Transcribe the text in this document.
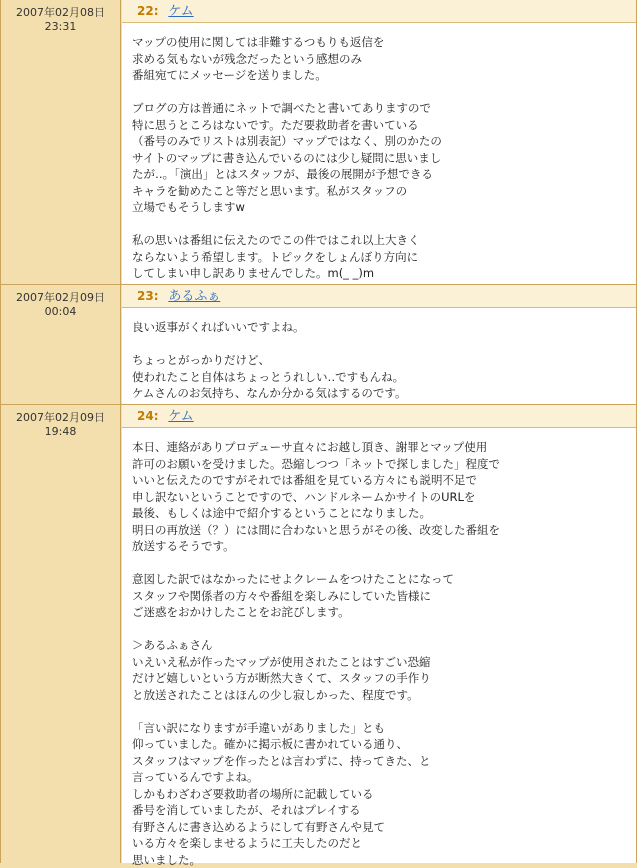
2007年02月08日
23:31
22: ケム
マップの使用に関しては非難するつもりも返信を
求める気もないが残念だったという感想のみ
番組宛てにメッセージを送りました。

ブログの方は普通にネットで調べたと書いてありますので
特に思うところはないです。ただ要救助者を書いている
（番号のみでリストは別表記）マップではなく、別のかたの
サイトのマップに書き込んでいるのには少し疑問に思いまし
たが‥。「演出」とはスタッフが、最後の展開が予想できる
キャラを勧めたこと等だと思います。私がスタッフの
立場でもそうしますw

私の思いは番組に伝えたのでこの件ではこれ以上大きく
ならないよう希望します。トピックをしょんぼり方向に
してしまい申し訳ありませんでした。m(_ _)m
2007年02月09日
00:04
23: あるふぁ
良い返事がくればいいですよね。

ちょっとがっかりだけど、
使われたこと自体はちょっとうれしい‥ですもんね。
ケムさんのお気持ち、なんか分かる気はするのです。
2007年02月09日
19:48
24: ケム
本日、連絡がありプロデューサ直々にお越し頂き、謝罪とマップ使用
許可のお願いを受けました。恐縮しつつ「ネットで探しました」程度で
いいと伝えたのですがそれでは番組を見ている方々にも説明不足で
申し訳ないということですので、ハンドルネームかサイトのURLを
最後、もしくは途中で紹介するということになりました。
明日の再放送（？）には間に合わないと思うがその後、改変した番組を
放送するそうです。

意図した訳ではなかったにせよクレームをつけたことになって
スタッフや関係者の方々や番組を楽しみにしていた皆様に
ご迷惑をおかけしたことをお詫びします。

＞あるふぁさん
いえいえ私が作ったマップが使用されたことはすごい恐縮
だけど嬉しいという方が断然大きくて、スタッフの手作り
と放送されたことはほんの少し寂しかった、程度です。

「言い訳になりますが手違いがありました」とも
仰っていました。確かに掲示板に書かれている通り、
スタッフはマップを作ったとは言わずに、持ってきた、と
言っているんですよね。
しかもわざわざ要救助者の場所に記載している
番号を消していましたが、それはプレイする
有野さんに書き込めるようにして有野さんや見て
いる方々を楽しませるように工夫したのだと
思いました。
